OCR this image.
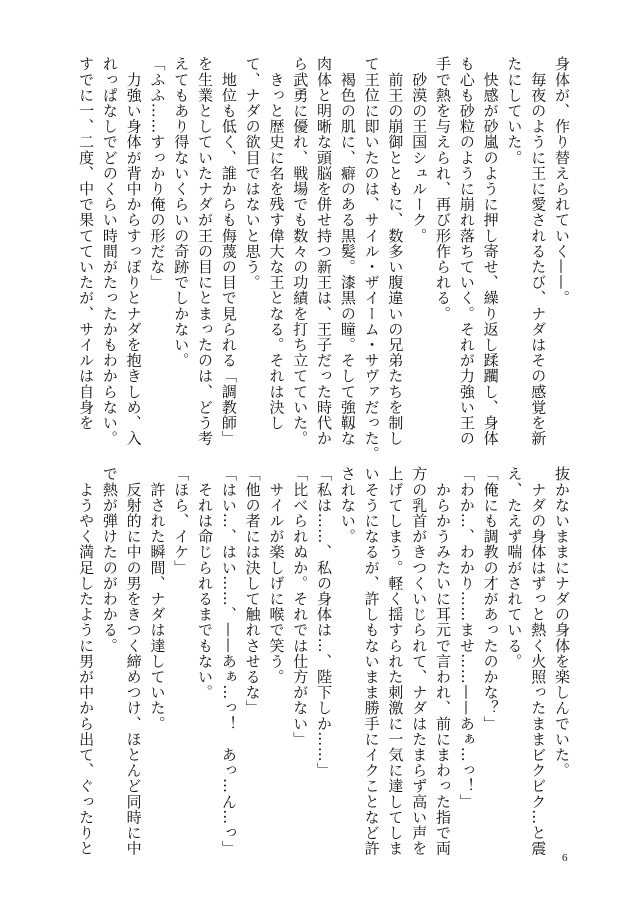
身体が、作り替えられていく——。
　毎夜のように王に愛されるたび、ナダはその感覚を新
たにしていた。
　快感が砂嵐のように押し寄せ、繰り返し蹂躙し、身体
も心も砂粒のように崩れ落ちていく。それが力強い王の
手で熱を与えられ、再び形作られる。
　砂漠の王国シュルーク。
　前王の崩御とともに、数多い腹違いの兄弟たちを制し
て王位に即いたのは、サイル・ザイーム・サヴァだった。
　褐色の肌に、癖のある黒髪。漆黒の瞳。そして強靱な
肉体と明晰な頭脳を併せ持つ新王は、王子だった時代か
ら武勇に優れ、戦場でも数々の功績を打ち立てていた。
　きっと歴史に名を残す偉大な王となる。それは決し
て、ナダの欲目ではないと思う。
　地位も低く、誰からも侮蔑の目で見られる「調教師」
を生業としていたナダが王の目にとまったのは、どう考
えてもあり得ないくらいの奇跡でしかない。
「ふふ……すっかり俺の形だな」
　力強い身体が背中からすっぽりとナダを抱きしめ、入
れっぱなしでどのくらい時間がたったかもわからない。
すでに一、二度、中で果てていたが、サイルは自身を
抜かないままにナダの身体を楽しんでいた。
　ナダの身体はずっと熱く火照ったままビクビク…と震
え、たえず喘がされている。
「俺にも調教の才があったのかな？」
「わか…、わかり……ませ……——あぁ…っ！」
　からかうみたいに耳元で言われ、前にまわった指で両
方の乳首がきつくいじられて、ナダはたまらず高い声を
上げてしまう。軽く揺すられた刺激に一気に達してしま
いそうになるが、許しもないまま勝手にイクことなど許
されない。
「私は……、私の身体は…、陛下しか……」
「比べられぬか。それでは仕方がない」
　サイルが楽しげに喉で笑う。
「他の者には決して触れさせるな」
「はい…、はい……、——あぁ…っ！　あっ…ん…っ」
　それは命じられるまでもない。
「ほら、イケ」
　許された瞬間、ナダは達していた。
　反射的に中の男をきつく締めつけ、ほとんど同時に中
で熱が弾けたのがわかる。
　ようやく満足したように男が中から出て、ぐったりと
6
